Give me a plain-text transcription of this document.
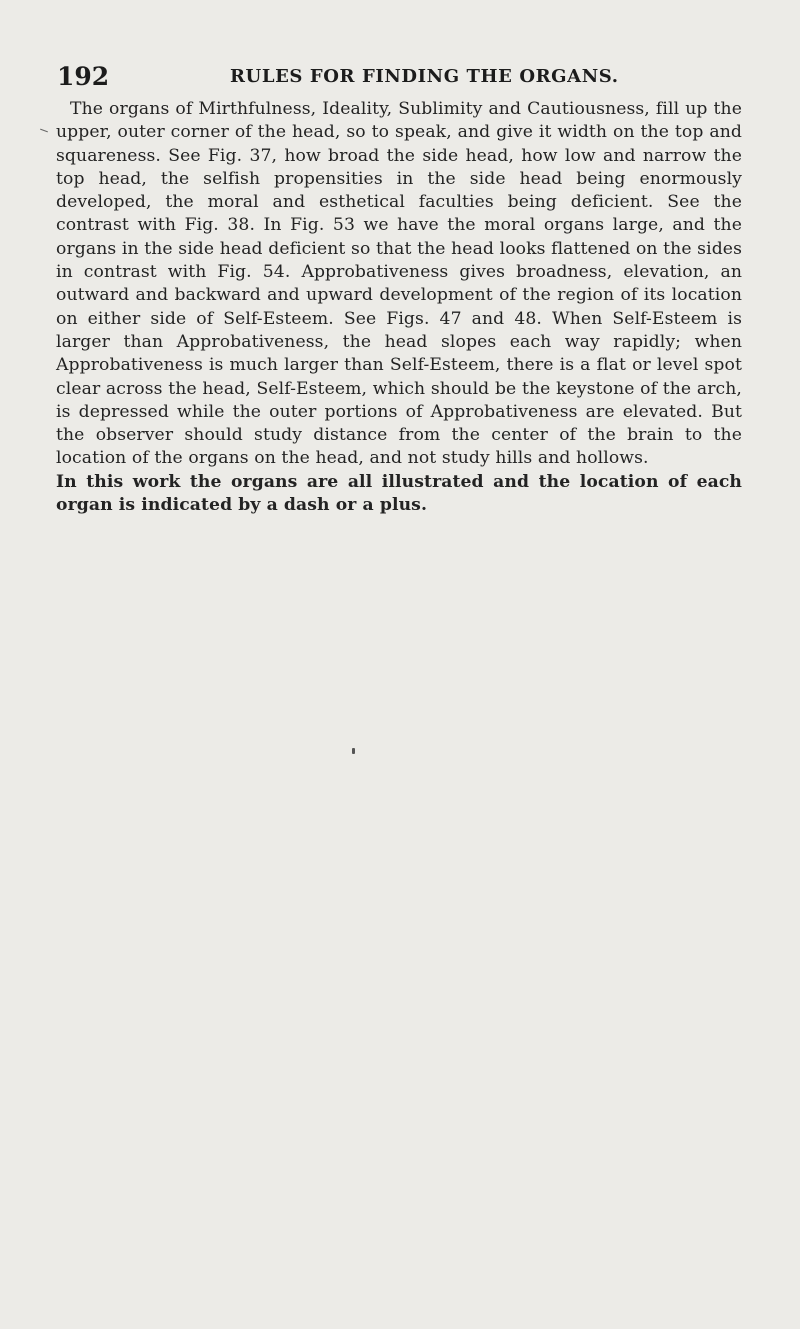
192	RULES FOR FINDING THE ORGANS.

The organs of Mirthfulness, Ideality, Sublimity and Cautiousness, fill up the upper, outer corner of the head, so to speak, and give it width on the top and squareness. See Fig. 37, how broad the side head, how low and narrow the top head, the selfish propensities in the side head being enormously developed, the moral and esthetical faculties being deficient. See the contrast with Fig. 38. In Fig. 53 we have the moral organs large, and the organs in the side head deficient so that the head looks flattened on the sides in contrast with Fig. 54. Approbativeness gives broadness, elevation, an outward and backward and upward development of the region of its location on either side of Self-Esteem. See Figs. 47 and 48. When Self-Esteem is larger than Approbativeness, the head slopes each way rapidly; when Approbativeness is much larger than Self-Esteem, there is a flat or level spot clear across the head, Self-Esteem, which should be the keystone of the arch, is depressed while the outer portions of Approbativeness are elevated. But the observer should study distance from the center of the brain to the location of the organs on the head, and not study hills and hollows.

In this work the organs are all illustrated and the location of each organ is indicated by a dash or a plus.
